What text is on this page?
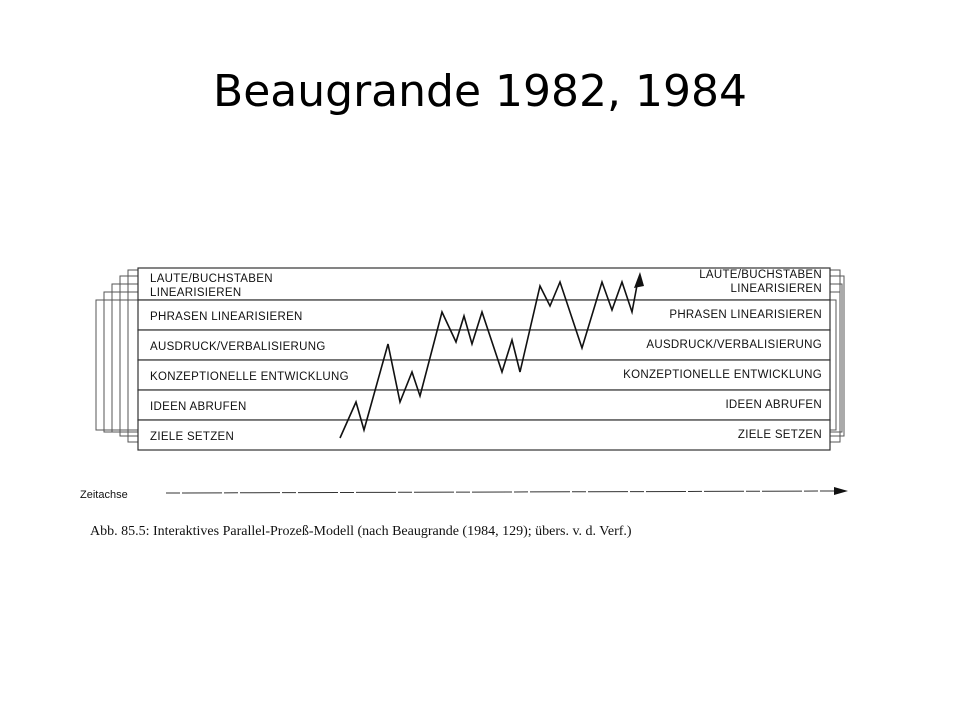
Beaugrande 1982, 1984
LAUTE/BUCHSTABEN LINEARISIEREN
PHRASEN LINEARISIEREN
AUSDRUCK/VERBALISIERUNG
KONZEPTIONELLE ENTWICKLUNG
IDEEN ABRUFEN
ZIELE SETZEN
LAUTE/BUCHSTABEN LINEARISIEREN
PHRASEN LINEARISIEREN
AUSDRUCK/VERBALISIERUNG
KONZEPTIONELLE ENTWICKLUNG
IDEEN ABRUFEN
ZIELE SETZEN
Zeitachse
Abb. 85.5: Interaktives Parallel-Prozeß-Modell (nach Beaugrande (1984, 129); übers. v. d. Verf.)
